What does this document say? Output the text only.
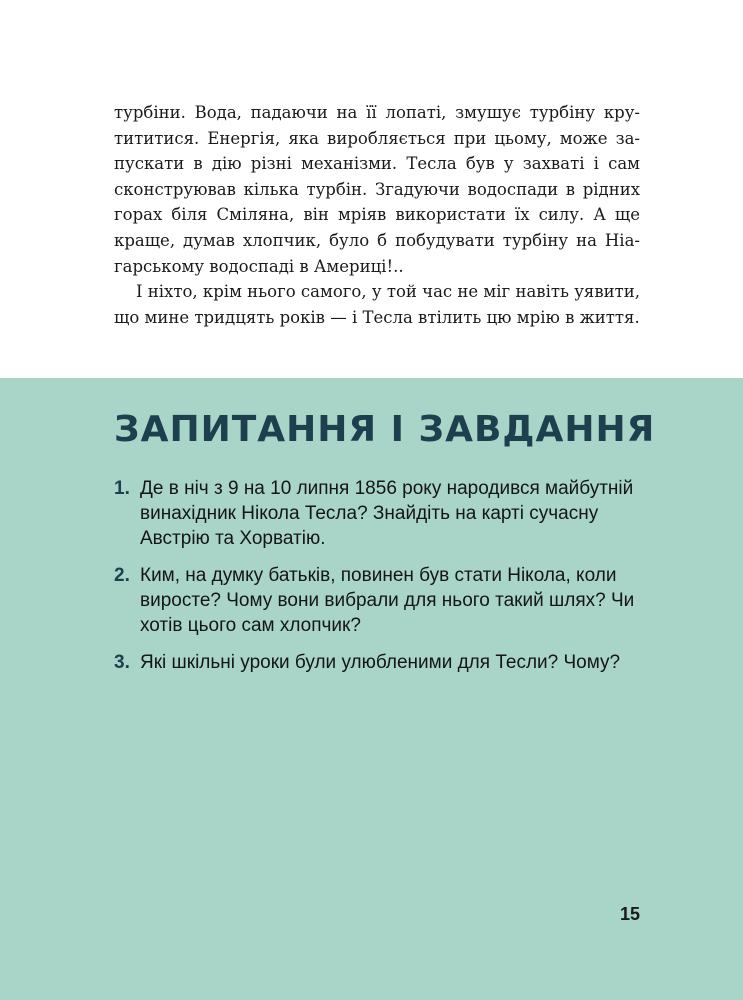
турбіни. Вода, падаючи на її лопаті, змушує турбіну крутититися. Енергія, яка виробляється при цьому, може запускати в дію різні механізми. Тесла був у захваті і сам сконструював кілька турбін. Згадуючи водоспади в рідних горах біля Сміляна, він мріяв використати їх силу. А ще краще, думав хлопчик, було б побудувати турбіну на Ніагарському водоспаді в Америці!..

І ніхто, крім нього самого, у той час не міг навіть уявити, що мине тридцять років — і Тесла втілить цю мрію в життя.

ЗАПИТАННЯ І ЗАВДАННЯ
1. Де в ніч з 9 на 10 липня 1856 року народився майбутній винахідник Нікола Тесла? Знайдіть на карті сучасну Австрію та Хорватію.
2. Ким, на думку батьків, повинен був стати Нікола, коли виросте? Чому вони вибрали для нього такий шлях? Чи хотів цього сам хлопчик?
3. Які шкільні уроки були улюбленими для Тесли? Чому?
15
